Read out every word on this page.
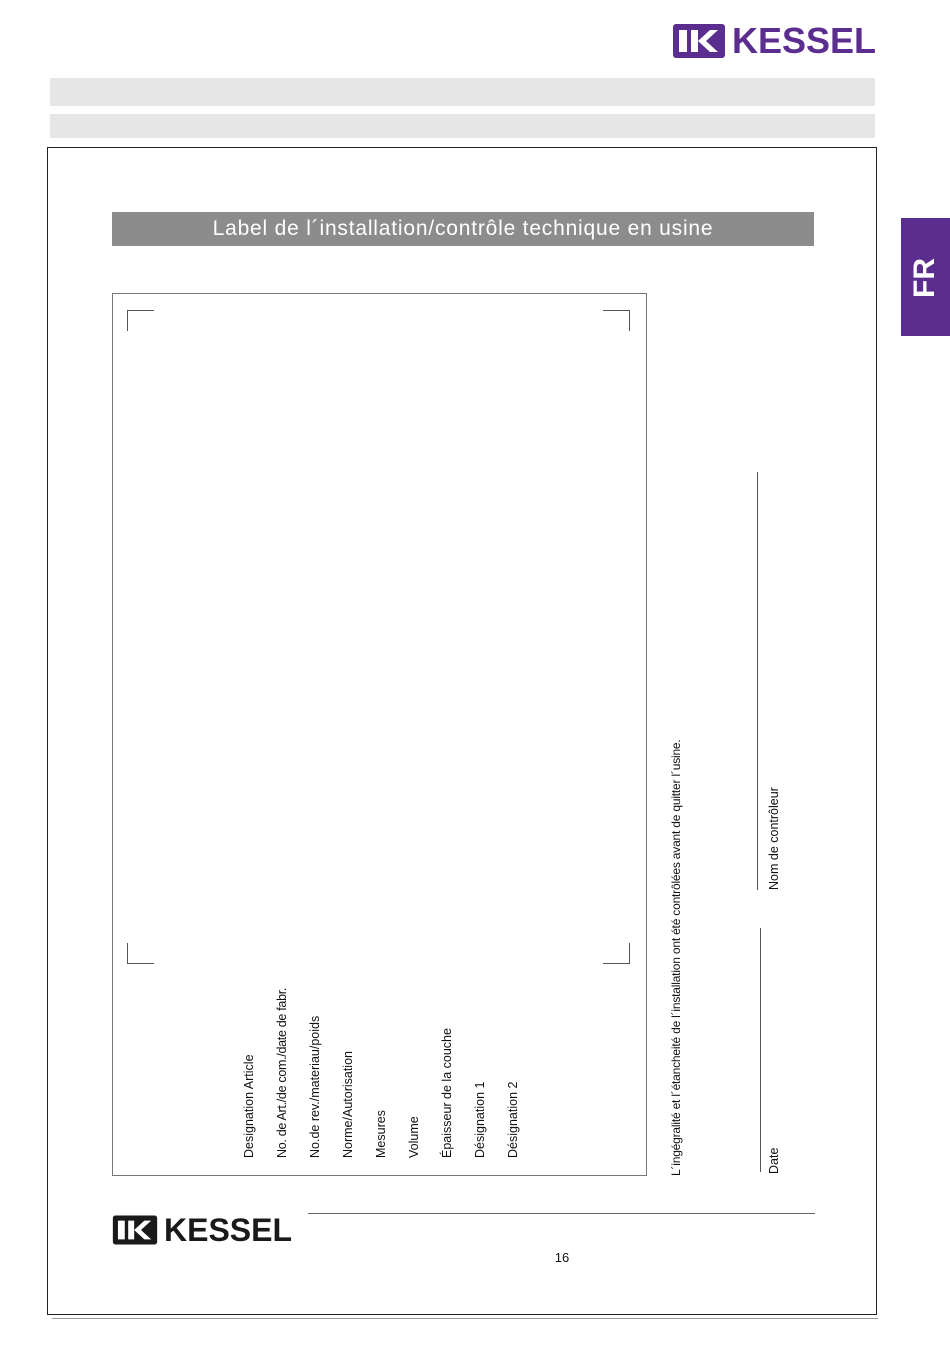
KESSEL
FR
Label de l´installation/contrôle technique en usine
Designation Article No. de Art./de com./date de fabr. No.de rev./materiau/poids Norme/Autorisation Mesures Volume Épaisseur de la couche Désignation 1 Désignation 2	L´ingégralité et l´étancheité de l´installation ont été contrôlées avant de quitter l´usine.	Nom de contrôleur
Date
KESSEL
16
